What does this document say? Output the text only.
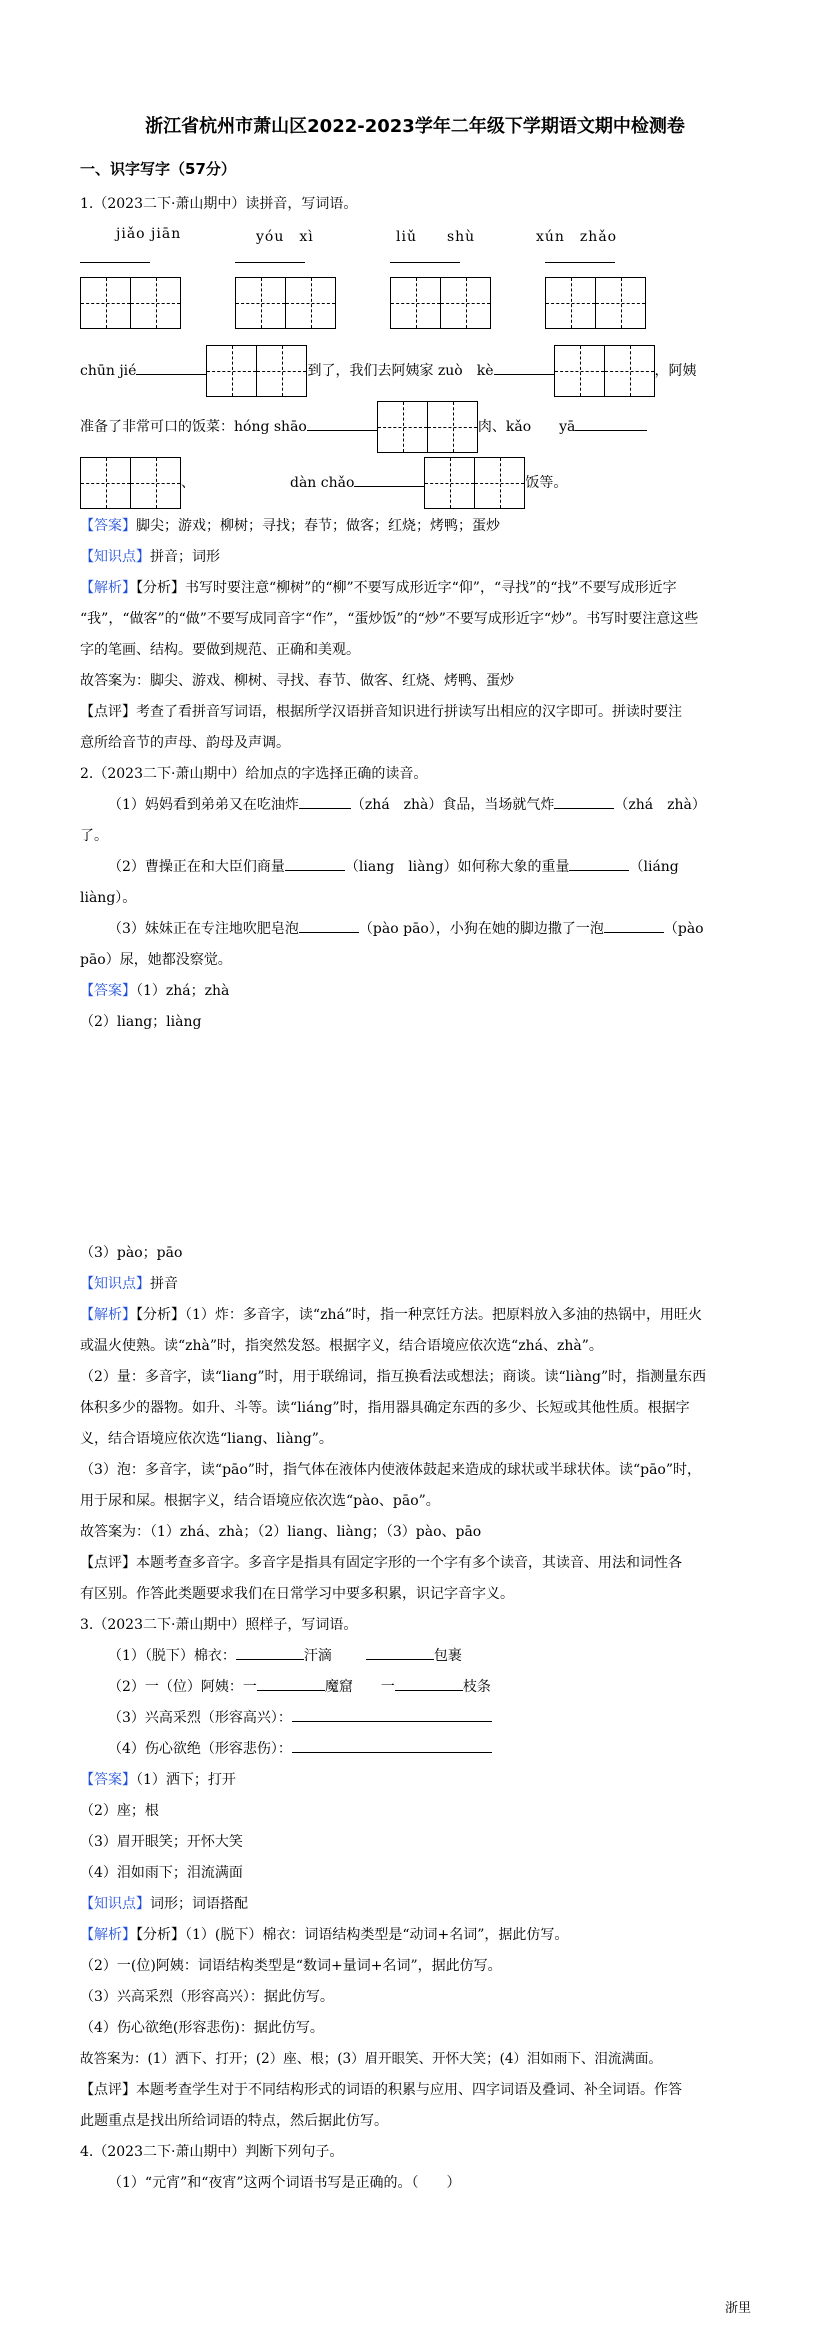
浙江省杭州市萧山区2022-2023学年二年级下学期语文期中检测卷
一、识字写字（57分）

1.（2023二下·萧山期中）读拼音，写词语。

jiǎo jiān	yóu　xì	liǔ　　shù	xún　zhǎo

chūn jié	到了，我们去阿姨家 zuò　kè	，阿姨

准备了非常可口的饭菜：hóng shāo	肉、kǎo　　yā

、	dàn chǎo	饭等。

【答案】脚尖；游戏；柳树；寻找；春节；做客；红烧；烤鸭；蛋炒

【知识点】拼音；词形

【解析】【分析】书写时要注意“柳树”的“柳”不要写成形近字“仰”，“寻找”的“找”不要写成形近字
“我”，“做客”的“做”不要写成同音字“作”，“蛋炒饭”的“炒”不要写成形近字“炒”。书写时要注意这些
字的笔画、结构。要做到规范、正确和美观。

故答案为：脚尖、游戏、柳树、寻找、春节、做客、红烧、烤鸭、蛋炒

【点评】考查了看拼音写词语，根据所学汉语拼音知识进行拼读写出相应的汉字即可。拼读时要注
意所给音节的声母、韵母及声调。

2.（2023二下·萧山期中）给加点的字选择正确的读音。

（1）妈妈看到弟弟又在吃油炸	（zhá　zhà）食品，当场就气炸	（zhá　zhà）

了。

（2）曹操正在和大臣们商量	（liang　liàng）如何称大象的重量	（liáng

liàng）。

（3）妹妹正在专注地吹肥皂泡	（pào pāo），小狗在她的脚边撒了一泡	（pào

pāo）尿，她都没察觉。

【答案】（1）zhá；zhà

（2）liang；liàng

（3）pào；pāo

【知识点】拼音

【解析】【分析】（1）炸：多音字，读“zhá”时，指一种烹饪方法。把原料放入多油的热锅中，用旺火
或温火使熟。读“zhà”时，指突然发怒。根据字义，结合语境应依次选“zhá、zhà”。
（2）量：多音字，读“liang”时，用于联绵词，指互换看法或想法；商谈。读“liàng”时，指测量东西
体积多少的器物。如升、斗等。读“liáng”时，指用器具确定东西的多少、长短或其他性质。根据字
义，结合语境应依次选“liang、liàng”。
（3）泡：多音字，读“pāo”时，指气体在液体内使液体鼓起来造成的球状或半球状体。读“pāo”时，
用于尿和屎。根据字义，结合语境应依次选“pào、pāo”。

故答案为：（1）zhá、zhà；（2）liang、liàng；（3）pào、pāo

【点评】本题考查多音字。多音字是指具有固定字形的一个字有多个读音，其读音、用法和词性各
有区别。作答此类题要求我们在日常学习中要多积累，识记字音字义。

3.（2023二下·萧山期中）照样子，写词语。

（1）（脱下）棉衣：	汗滴	包裹

（2）一（位）阿姨：一	魔窟　　一	枝条

（3）兴高采烈（形容高兴）：

（4）伤心欲绝（形容悲伤）：

【答案】（1）洒下；打开

（2）座；根

（3）眉开眼笑；开怀大笑

（4）泪如雨下；泪流满面

【知识点】词形；词语搭配

【解析】【分析】（1）(脱下）棉衣：词语结构类型是“动词+名词”，据此仿写。
（2）一(位)阿姨：词语结构类型是“数词+量词+名词”，据此仿写。
（3）兴高采烈（形容高兴）：据此仿写。
（4）伤心欲绝(形容悲伤)：据此仿写。

故答案为：(1）洒下、打开；(2）座、根；(3）眉开眼笑、开怀大笑；(4）泪如雨下、泪流满面。

【点评】本题考查学生对于不同结构形式的词语的积累与应用、四字词语及叠词、补全词语。作答
此题重点是找出所给词语的特点，然后据此仿写。

4.（2023二下·萧山期中）判断下列句子。

（1）“元宵”和“夜宵”这两个词语书写是正确的。（　　）

浙里
